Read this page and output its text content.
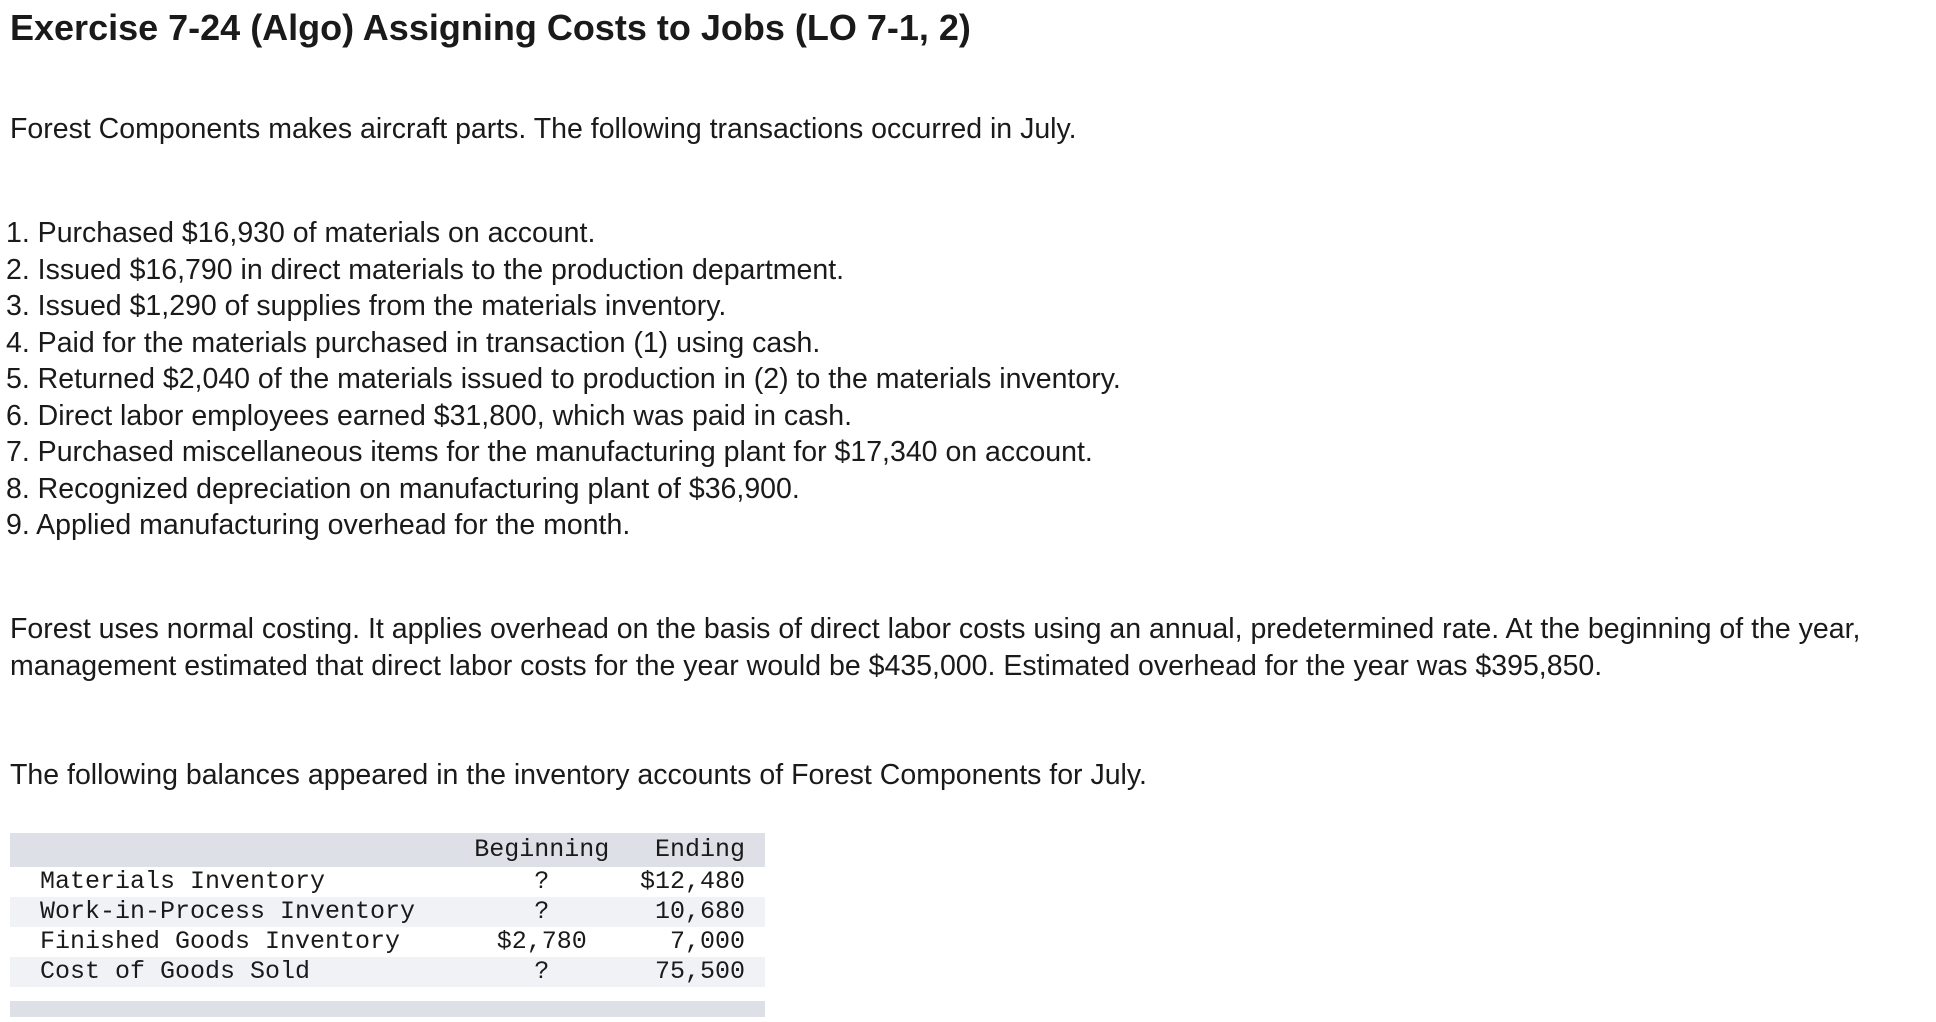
Exercise 7-24 (Algo) Assigning Costs to Jobs (LO 7-1, 2)

Forest Components makes aircraft parts. The following transactions occurred in July.

1. Purchased $16,930 of materials on account.
2. Issued $16,790 in direct materials to the production department.
3. Issued $1,290 of supplies from the materials inventory.
4. Paid for the materials purchased in transaction (1) using cash.
5. Returned $2,040 of the materials issued to production in (2) to the materials inventory.
6. Direct labor employees earned $31,800, which was paid in cash.
7. Purchased miscellaneous items for the manufacturing plant for $17,340 on account.
8. Recognized depreciation on manufacturing plant of $36,900.
9. Applied manufacturing overhead for the month.

Forest uses normal costing. It applies overhead on the basis of direct labor costs using an annual, predetermined rate. At the beginning of the year, management estimated that direct labor costs for the year would be $435,000. Estimated overhead for the year was $395,850.

The following balances appeared in the inventory accounts of Forest Components for July.

	Beginning	Ending
Materials Inventory	?	$12,480
Work-in-Process Inventory	?	10,680
Finished Goods Inventory	$2,780	7,000
Cost of Goods Sold	?	75,500
